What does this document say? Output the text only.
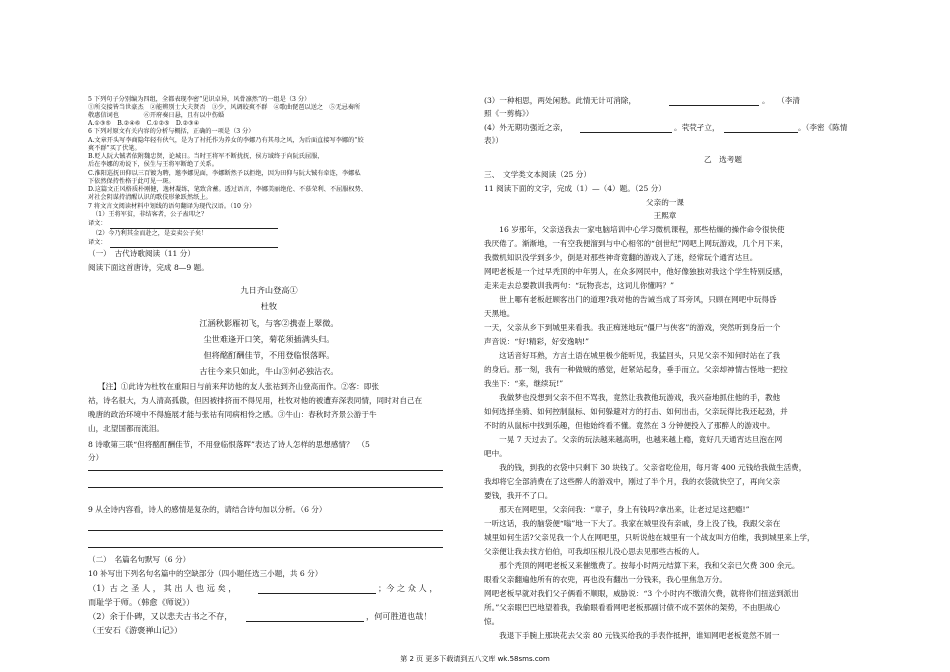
5 下列句子分别编为四组，全都表现李密“见识卓异，风骨凛然”的一组是（3 分）
①所交接皆当世豪杰　②能辨别士大夫贤否　③少，风调皎爽不群　④歌曲琵琶以送之　⑤无忌奏所
敬惠信词也　　　　⑥开府奏日悬，且有以中伤婚
A.①③⑤　B.②④⑥　C.①②⑤　D.②③④
6 下列对原文有关内容的分析与概括，正确的一项是（3 分）
A.文章开头写李商隐年轻有伙气，是为了衬托作为养女的李娜乃有其母之风，为后面直接写李娜的“姣
爽不群”买了伏笔。
B.贬人阮大铖者依附魏忠贤，论城日。当时王将军不断扰抚，侯方域终于向阮氏屈服，
后在李娜的劝说下，侯生与王将军断绝了关系。
C.淮阳巡抚田仰以三百镀为聘，邀李娜见面，李娜断然予以拒绝，因为田仰与阮大铖有牵连，李娜私
下依然保持性格于此可见一斑。
D.这篇文正风格质朴刚健，逸材凝练，笔致含蓄。透过语言，李娜美丽绝伦、不慕荣利、不屈服权势、
对社会阴谋持清醒认识的歌伎形象跃然纸上。
7 将文言文阅读材料中划线的语句翻译为现代汉语。（10 分）
（1）王将军贫，非结客者，公子盍叩之？
译文：
（2）今乃利其金而赴之，是妾卖公子矣！
译文：
（一）　古代诗歌阅读（11 分）
阅读下面这首唐诗，完成 8—9 题。
九日齐山登高①
杜牧
江涵秋影雁初飞，与客②携壶上翠微。
尘世难逢开口笑，菊花须插满头归。
但将酩酊酬佳节，不用登临恨落晖。
古往今来只如此，牛山③何必独沾衣。
【注】①此诗为杜牧在重阳日与前来拜访他的友人张祜到齐山登高而作。②客：即张
祜，诗名很大，为人清高孤傲，但因被排挤而不得见用，杜牧对他的被遭弃深表同情，同时对自己在
晚唐的政治环境中不得施展才能与张祜有同病相怜之感。③牛山：春秋时齐景公游于牛
山，北望国都而流泪。
8 诗歌第三联“但将酩酊酬佳节，不用登临恨落晖”表达了诗人怎样的思想感情？　（5
分）
9 从全诗内容看，诗人的感情是复杂的，请结合诗句加以分析。（6 分）
（二）　名篇名句默写（6 分）
10 补写出下列名句名篇中的空缺部分（四小题任选三小题，共 6 分）
（1）古 之 圣 人 ， 其 出 人 也 远 矣 ，	；今 之 众 人 ，
而耻学于师。（韩愈《师说》）
（2）余于仆碑，又以悲夫古书之不存，	，何可胜道也哉！
（王安石《游褒禅山记》）
(3）一种相思，两处闲愁。此情无计可消除，	。　　（李清
照《一剪梅》）
(4）外无期功强近之亲，	。茕茕孑立，	。（李密《陈情
表》）
乙　选考题
三、　文学类文本阅读（25 分）
11 阅读下面的文字，完成（1）—（4）题。（25 分）
父亲的一课
王熙章
　　16 岁那年，父亲送我去一家电脑培训中心学习微机课程，那些枯燥的操作命令很快使
我厌倦了。渐渐地，一有空我便溜到与中心相邻的“创世纪”网吧上网玩游戏，几个月下来，
我微机知识没学到多少，倒是对那些神奇竟翻的游戏入了迷，经常玩个通宵达旦。
网吧老板是一个过早秃顶的中年男人，在众多网民中，他好像独独对我这个学生特别反感，
走来走去总要教训我两句：“玩物丧志，这词儿你懂吗？”
　　世上哪有老板赶顾客出门的道理?我对他的告诫当成了耳旁风，只顾在网吧中玩得昏
天黑地。
一天，父亲从乡下到城里来看我。我正痴迷地玩“僵尸与侠客”的游戏，突然听到身后一个
声音说：“好!精彩，好安逸呐!”
　　这话音好耳熟，方言土语在城里极少能听见，我猛回头，只见父亲不知何时站在了我
的身后。那一刻，我有一种做贼的感觉，赶紧站起身，垂手而立。父亲却神情古怪地一把拉
我坐下：“来，继续玩!”
　　我做梦也没想到父亲不但不骂我，竟然让我教他玩游戏，我兴奋地抓住他的手，教他
如何选择坐骑、如何控制鼠标、如何躲避对方的打击、如何出击，父亲玩得比我还起劲，并
不时的从鼠标中找到乐趣，但他始终看不懂。竟然在 3 分钟便投入了那醉人的游戏中。
　　一晃 7 天过去了。父亲的玩法越来越高明，也越来越上瘾，竟好几天通宵达旦泡在网
吧中。
　　我的钱，到我的衣袋中只剩下 30 块钱了。父亲省吃俭用，每月寄 400 元钱给我做生活费，
我却将它全部消费在了这些醉人的游戏中，刚过了半个月，我的衣袋就快空了，再向父亲
要钱，我开不了口。
　　那天在网吧里，父亲问我：“章子，身上有钱吗?拿出来，让老过足这把瘾!”
一听这话，我的脑袋便“嗡”地一下大了。我家在城里没有亲戚，身上没了钱，我跟父亲在
城里如何生活?父亲见我一个人在网吧里，只听说他在城里有一个战友叫方伯维，我到城里来上学，
父亲便让我去找方伯伯，可我却压根儿没心思去见那些古板的人。
　　那个秃顶的网吧老板又来催缴费了。按每小时两元结算下来，我和父亲已欠费 300 余元。
眼看父亲翻遍他所有的衣兜，再也没有翻出一分钱来，我心里焦急万分。
网吧老板早就对我们父子俩看不顺眼，威胁说：“3 个小时内不缴清欠费，就将你们扭送到派出
所。”父亲眼巴巴地望着我，我偷眼看看网吧老板那副讨债不成不罢休的架势，不由胆战心
惊。
　　我退下手腕上那块花去父亲 80 元钱买给我的手表作抵押，谁知网吧老板竟然不屑一
第 2 页 更多下载请到五八文库 wk.58sms.com
